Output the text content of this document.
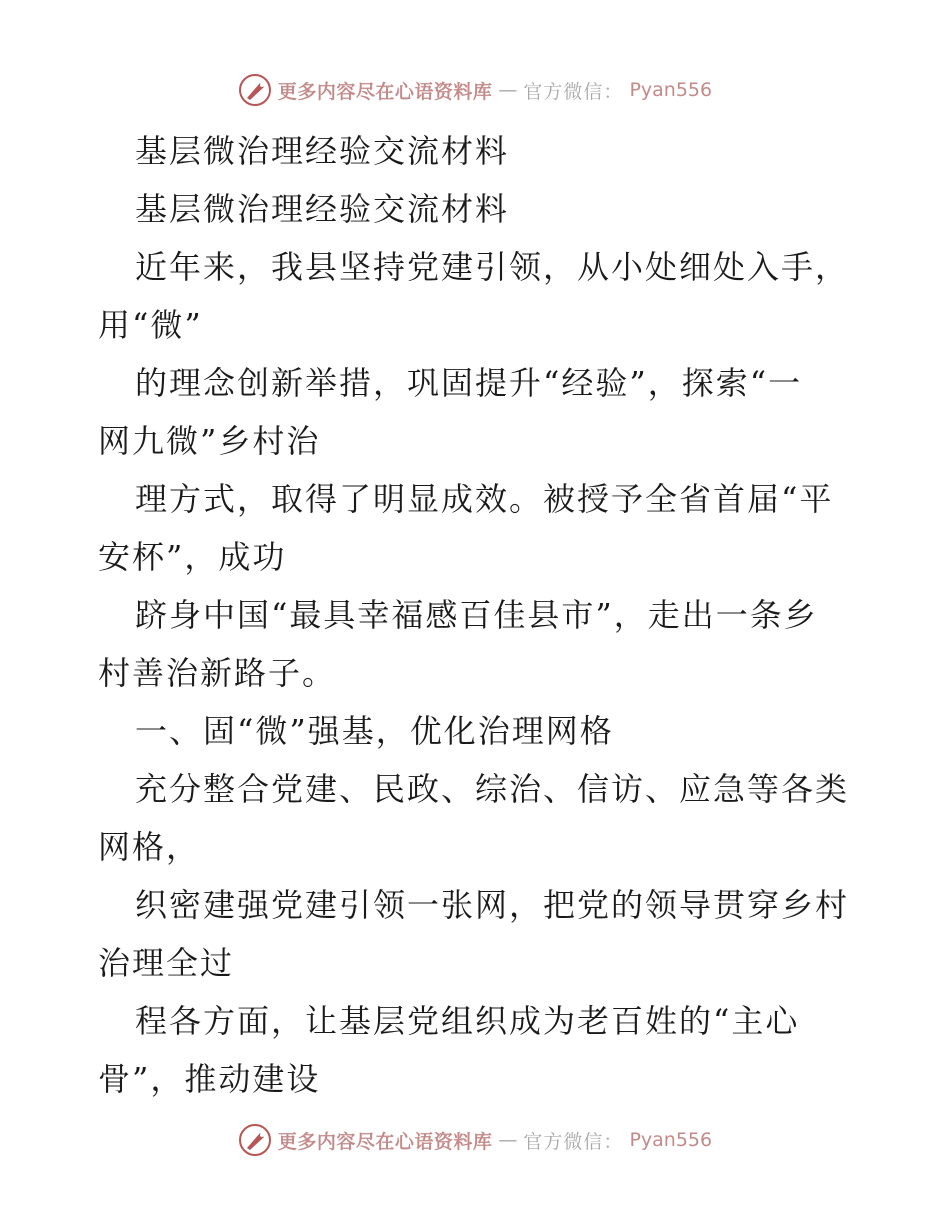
更多内容尽在心语资料库 — 官方微信： Pyan556
基层微治理经验交流材料
基层微治理经验交流材料
近年来，我县坚持党建引领，从小处细处入手，
用“微”
的理念创新举措，巩固提升“经验”，探索“一
网九微”乡村治
理方式，取得了明显成效。被授予全省首届“平
安杯”，成功
跻身中国“最具幸福感百佳县市”，走出一条乡
村善治新路子。
一、固“微”强基，优化治理网格
充分整合党建、民政、综治、信访、应急等各类
网格，
织密建强党建引领一张网，把党的领导贯穿乡村
治理全过
程各方面，让基层党组织成为老百姓的“主心
骨”，推动建设
更多内容尽在心语资料库 — 官方微信： Pyan556
